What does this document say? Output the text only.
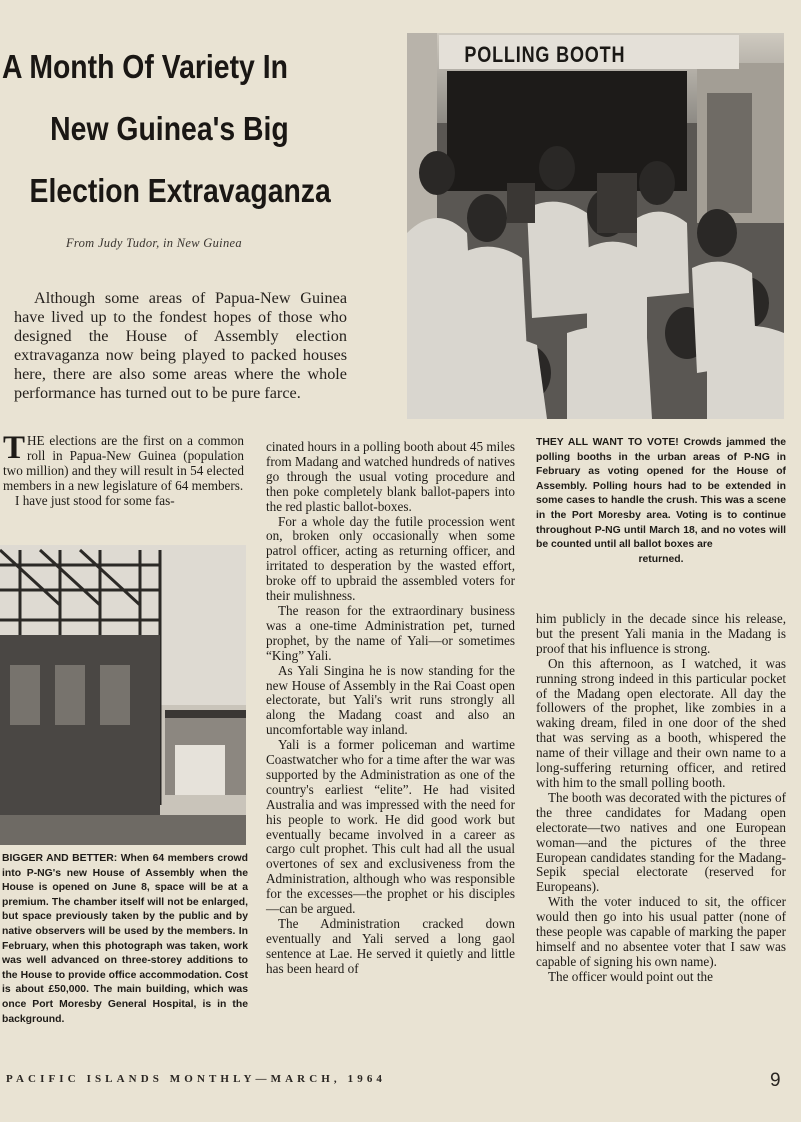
A Month Of Variety In
New Guinea's Big
Election Extravaganza
From Judy Tudor, in New Guinea
Although some areas of Papua-New Guinea have lived up to the fondest hopes of those who designed the House of Assembly election extravaganza now being played to packed houses here, there are also some areas where the whole performance has turned out to be pure farce.
POLLING BOOTH
THEY ALL WANT TO VOTE! Crowds jammed the polling booths in the urban areas of P-NG in February as voting opened for the House of Assembly. Polling hours had to be extended in some cases to handle the crush. This was a scene in the Port Moresby area. Voting is to continue throughout P-NG until March 18, and no votes will be counted until all ballot boxes are
returned.

THE elections are the first on a common roll in Papua-New Guinea (population two million) and they will result in 54 elected members in a new legislature of 64 members.

I have just stood for some fas-

BIGGER AND BETTER: When 64 members crowd into P-NG's new House of Assembly when the House is opened on June 8, space will be at a premium. The chamber itself will not be enlarged, but space previously taken by the public and by native observers will be used by the members. In February, when this photograph was taken, work was well advanced on three-storey additions to the House to provide office accommodation. Cost is about £50,000. The main building, which was once Port Moresby General Hospital, is in the background.

cinated hours in a polling booth about 45 miles from Madang and watched hundreds of natives go through the usual voting procedure and then poke completely blank ballot-papers into the red plastic ballot-boxes.

For a whole day the futile procession went on, broken only occasionally when some patrol officer, acting as returning officer, and irritated to desperation by the wasted effort, broke off to upbraid the assembled voters for their mulishness.

The reason for the extraordinary business was a one-time Administration pet, turned prophet, by the name of Yali—or sometimes “King” Yali.

As Yali Singina he is now standing for the new House of Assembly in the Rai Coast open electorate, but Yali's writ runs strongly all along the Madang coast and also an uncomfortable way inland.

Yali is a former policeman and wartime Coastwatcher who for a time after the war was supported by the Administration as one of the country's earliest “elite”. He had visited Australia and was impressed with the need for his people to work. He did good work but eventually became involved in a career as cargo cult prophet. This cult had all the usual overtones of sex and exclusiveness from the Administration, although who was responsible for the excesses—the prophet or his disciples—can be argued.

The Administration cracked down eventually and Yali served a long gaol sentence at Lae. He served it quietly and little has been heard of

him publicly in the decade since his release, but the present Yali mania in the Madang is proof that his influence is strong.

On this afternoon, as I watched, it was running strong indeed in this particular pocket of the Madang open electorate. All day the followers of the prophet, like zombies in a waking dream, filed in one door of the shed that was serving as a booth, whispered the name of their village and their own name to a long-suffering returning officer, and retired with him to the small polling booth.

The booth was decorated with the pictures of the three candidates for Madang open electorate—two natives and one European woman—and the pictures of the three European candidates standing for the Madang-Sepik special electorate (reserved for Europeans).

With the voter induced to sit, the officer would then go into his usual patter (none of these people was capable of marking the paper himself and no absentee voter that I saw was capable of signing his own name).

The officer would point out the

PACIFIC ISLANDS MONTHLY—MARCH, 1964	9
